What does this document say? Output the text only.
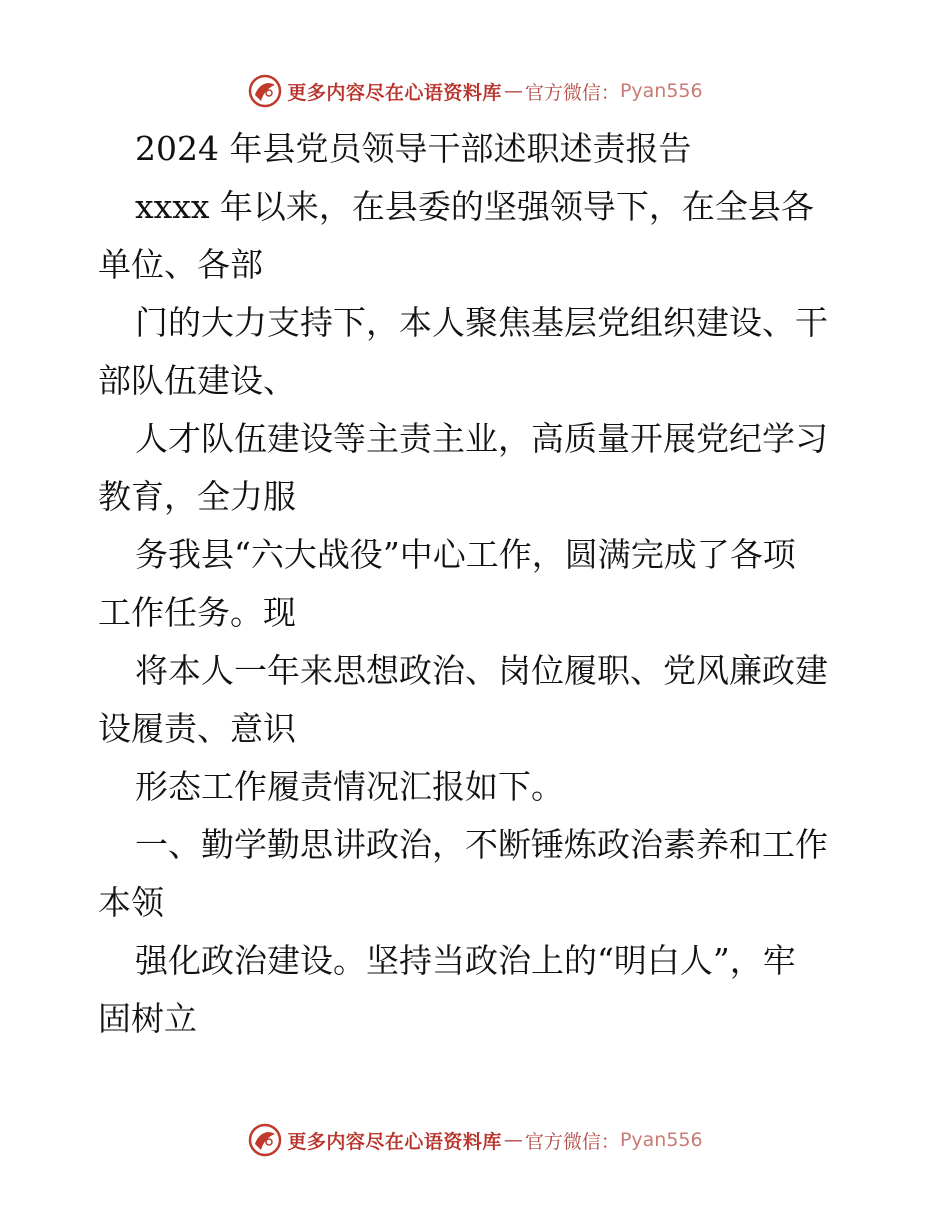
更多内容尽在心语资料库 — 官方微信： Pyan556
2024 年县党员领导干部述职述责报告
xxxx 年以来，在县委的坚强领导下，在全县各
单位、各部
门的大力支持下，本人聚焦基层党组织建设、干
部队伍建设、
人才队伍建设等主责主业，高质量开展党纪学习
教育，全力服
务我县“六大战役”中心工作，圆满完成了各项
工作任务。现
将本人一年来思想政治、岗位履职、党风廉政建
设履责、意识
形态工作履责情况汇报如下。
一、勤学勤思讲政治，不断锤炼政治素养和工作
本领
强化政治建设。坚持当政治上的“明白人”，牢
固树立
更多内容尽在心语资料库 — 官方微信： Pyan556
